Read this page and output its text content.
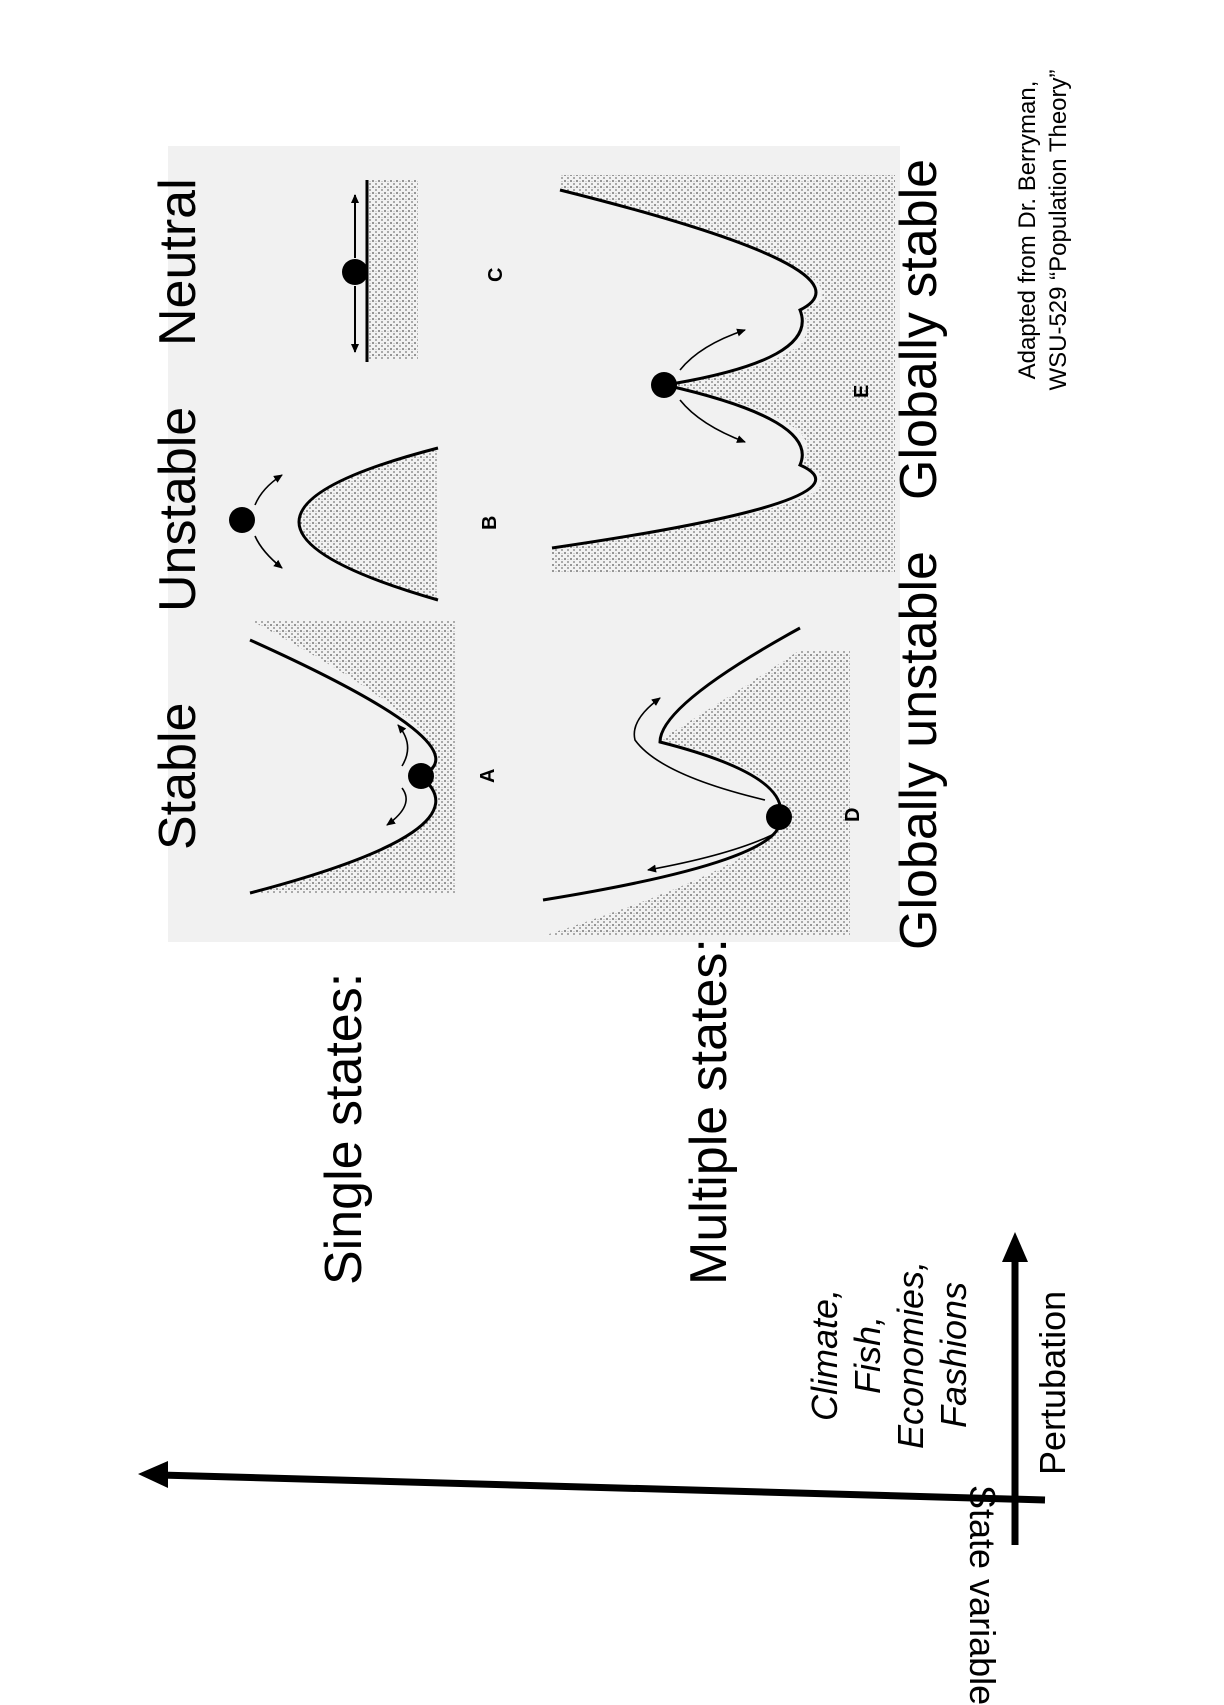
Stable
Unstable
Neutral
Globally unstable
Globally stable
A
B
C
D
E
Single states:	Multiple states:
Climate, Fish, Economies, Fashions Pertubation
State variable
Adapted from Dr. Berryman, WSU-529 “Population Theory”
